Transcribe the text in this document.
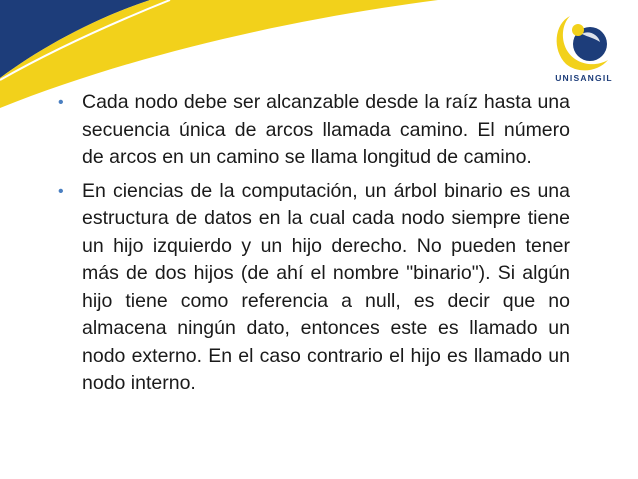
UNISANGIL
• Cada nodo debe ser alcanzable desde la raíz hasta una secuencia única de arcos llamada camino. El número de arcos en un camino se llama longitud de camino.

• En ciencias de la computación, un árbol binario es una estructura de datos en la cual cada nodo siempre tiene un hijo izquierdo y un hijo derecho. No pueden tener más de dos hijos (de ahí el nombre "binario"). Si algún hijo tiene como referencia a null, es decir que no almacena ningún dato, entonces este es llamado un nodo externo. En el caso contrario el hijo es llamado un nodo interno.
